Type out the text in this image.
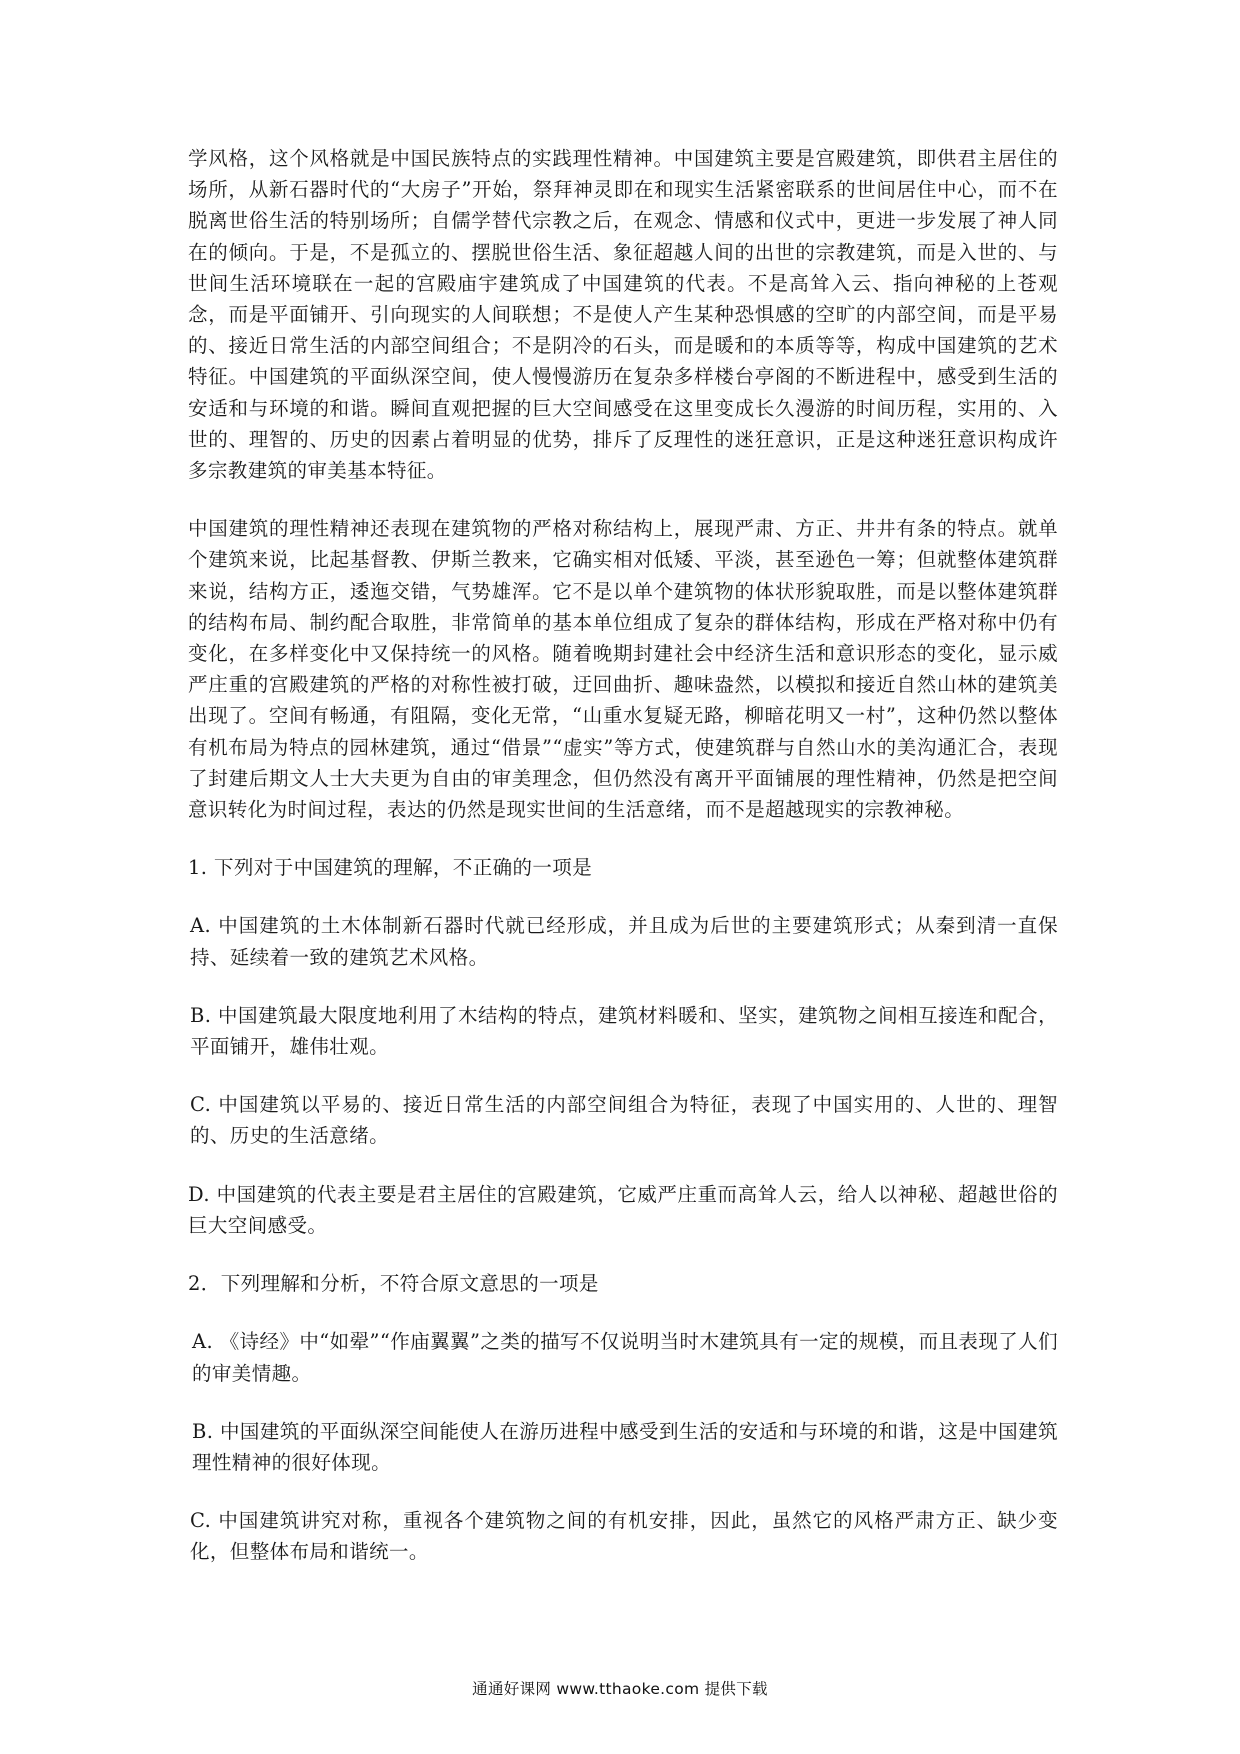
学风格，这个风格就是中国民族特点的实践理性精神。中国建筑主要是宫殿建筑，即供君主居住的场所，从新石器时代的“大房子”开始，祭拜神灵即在和现实生活紧密联系的世间居住中心，而不在脱离世俗生活的特别场所；自儒学替代宗教之后，在观念、情感和仪式中，更进一步发展了神人同在的倾向。于是，不是孤立的、摆脱世俗生活、象征超越人间的出世的宗教建筑，而是入世的、与世间生活环境联在一起的宫殿庙宇建筑成了中国建筑的代表。不是高耸入云、指向神秘的上苍观念，而是平面铺开、引向现实的人间联想；不是使人产生某种恐惧感的空旷的内部空间，而是平易的、接近日常生活的内部空间组合；不是阴冷的石头，而是暖和的本质等等，构成中国建筑的艺术特征。中国建筑的平面纵深空间，使人慢慢游历在复杂多样楼台亭阁的不断进程中，感受到生活的安适和与环境的和谐。瞬间直观把握的巨大空间感受在这里变成长久漫游的时间历程，实用的、入世的、理智的、历史的因素占着明显的优势，排斥了反理性的迷狂意识，正是这种迷狂意识构成许多宗教建筑的审美基本特征。

中国建筑的理性精神还表现在建筑物的严格对称结构上，展现严肃、方正、井井有条的特点。就单个建筑来说，比起基督教、伊斯兰教来，它确实相对低矮、平淡，甚至逊色一筹；但就整体建筑群来说，结构方正，逶迤交错，气势雄浑。它不是以单个建筑物的体状形貌取胜，而是以整体建筑群的结构布局、制约配合取胜，非常简单的基本单位组成了复杂的群体结构，形成在严格对称中仍有变化，在多样变化中又保持统一的风格。随着晚期封建社会中经济生活和意识形态的变化，显示威严庄重的宫殿建筑的严格的对称性被打破，迂回曲折、趣味盎然，以模拟和接近自然山林的建筑美出现了。空间有畅通，有阻隔，变化无常，“山重水复疑无路，柳暗花明又一村”，这种仍然以整体有机布局为特点的园林建筑，通过“借景”“虚实”等方式，使建筑群与自然山水的美沟通汇合，表现了封建后期文人士大夫更为自由的审美理念，但仍然没有离开平面铺展的理性精神，仍然是把空间意识转化为时间过程，表达的仍然是现实世间的生活意绪，而不是超越现实的宗教神秘。

1. 下列对于中国建筑的理解，不正确的一项是

A. 中国建筑的土木体制新石器时代就已经形成，并且成为后世的主要建筑形式；从秦到清一直保持、延续着一致的建筑艺术风格。

B. 中国建筑最大限度地利用了木结构的特点，建筑材料暖和、坚实，建筑物之间相互接连和配合，平面铺开，雄伟壮观。

C. 中国建筑以平易的、接近日常生活的内部空间组合为特征，表现了中国实用的、人世的、理智的、历史的生活意绪。

D. 中国建筑的代表主要是君主居住的宫殿建筑，它威严庄重而高耸人云，给人以神秘、超越世俗的巨大空间感受。

2．下列理解和分析，不符合原文意思的一项是

A. 《诗经》中“如翚”“作庙翼翼”之类的描写不仅说明当时木建筑具有一定的规模，而且表现了人们的审美情趣。

B. 中国建筑的平面纵深空间能使人在游历进程中感受到生活的安适和与环境的和谐，这是中国建筑理性精神的很好体现。

C. 中国建筑讲究对称，重视各个建筑物之间的有机安排，因此，虽然它的风格严肃方正、缺少变化，但整体布局和谐统一。

通通好课网 www.tthaoke.com 提供下载
